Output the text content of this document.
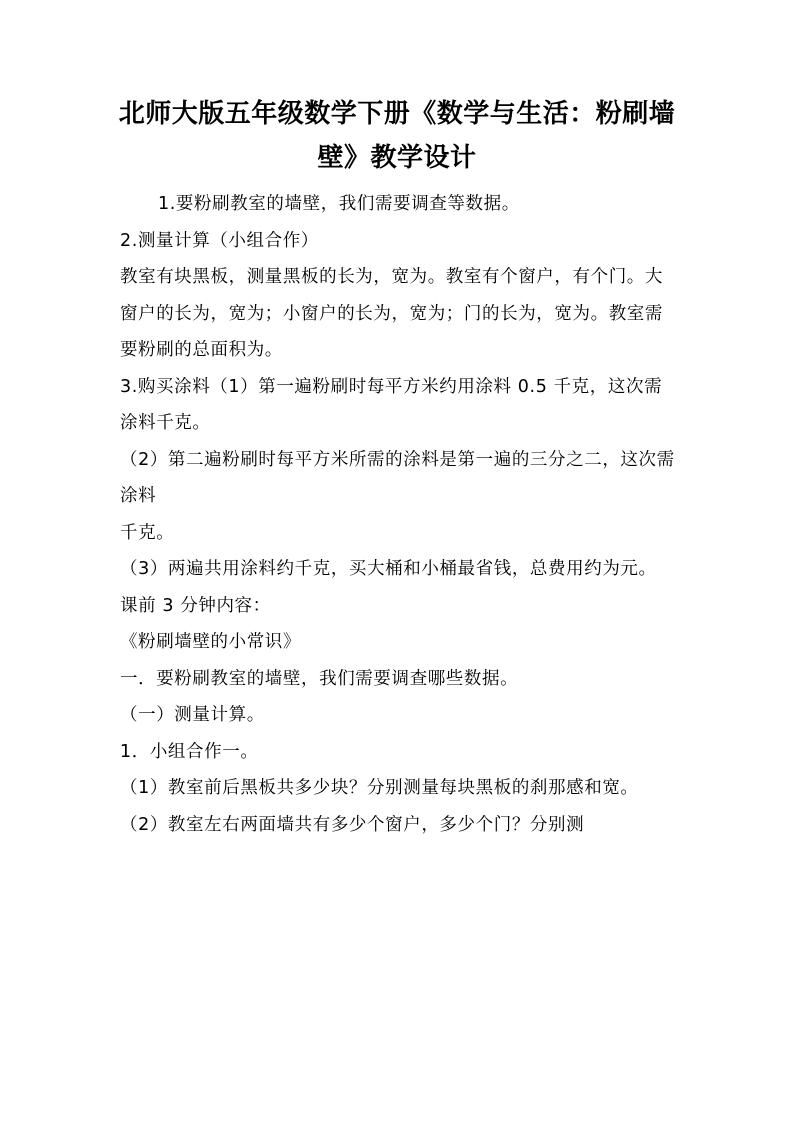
北师大版五年级数学下册《数学与生活：粉刷墙壁》教学设计

1.要粉刷教室的墙壁，我们需要调查等数据。

2.测量计算（小组合作）

教室有块黑板，测量黑板的长为，宽为。教室有个窗户，有个门。大窗户的长为，宽为；小窗户的长为，宽为；门的长为，宽为。教室需要粉刷的总面积为。

3.购买涂料（1）第一遍粉刷时每平方米约用涂料 0.5 千克，这次需涂料千克。

（2）第二遍粉刷时每平方米所需的涂料是第一遍的三分之二，这次需涂料

千克。

（3）两遍共用涂料约千克，买大桶和小桶最省钱，总费用约为元。

课前 3 分钟内容：

《粉刷墙壁的小常识》

一．要粉刷教室的墙壁，我们需要调查哪些数据。

（一）测量计算。

1．小组合作一。

（1）教室前后黑板共多少块？分别测量每块黑板的刹那感和宽。

（2）教室左右两面墙共有多少个窗户，多少个门？分别测
